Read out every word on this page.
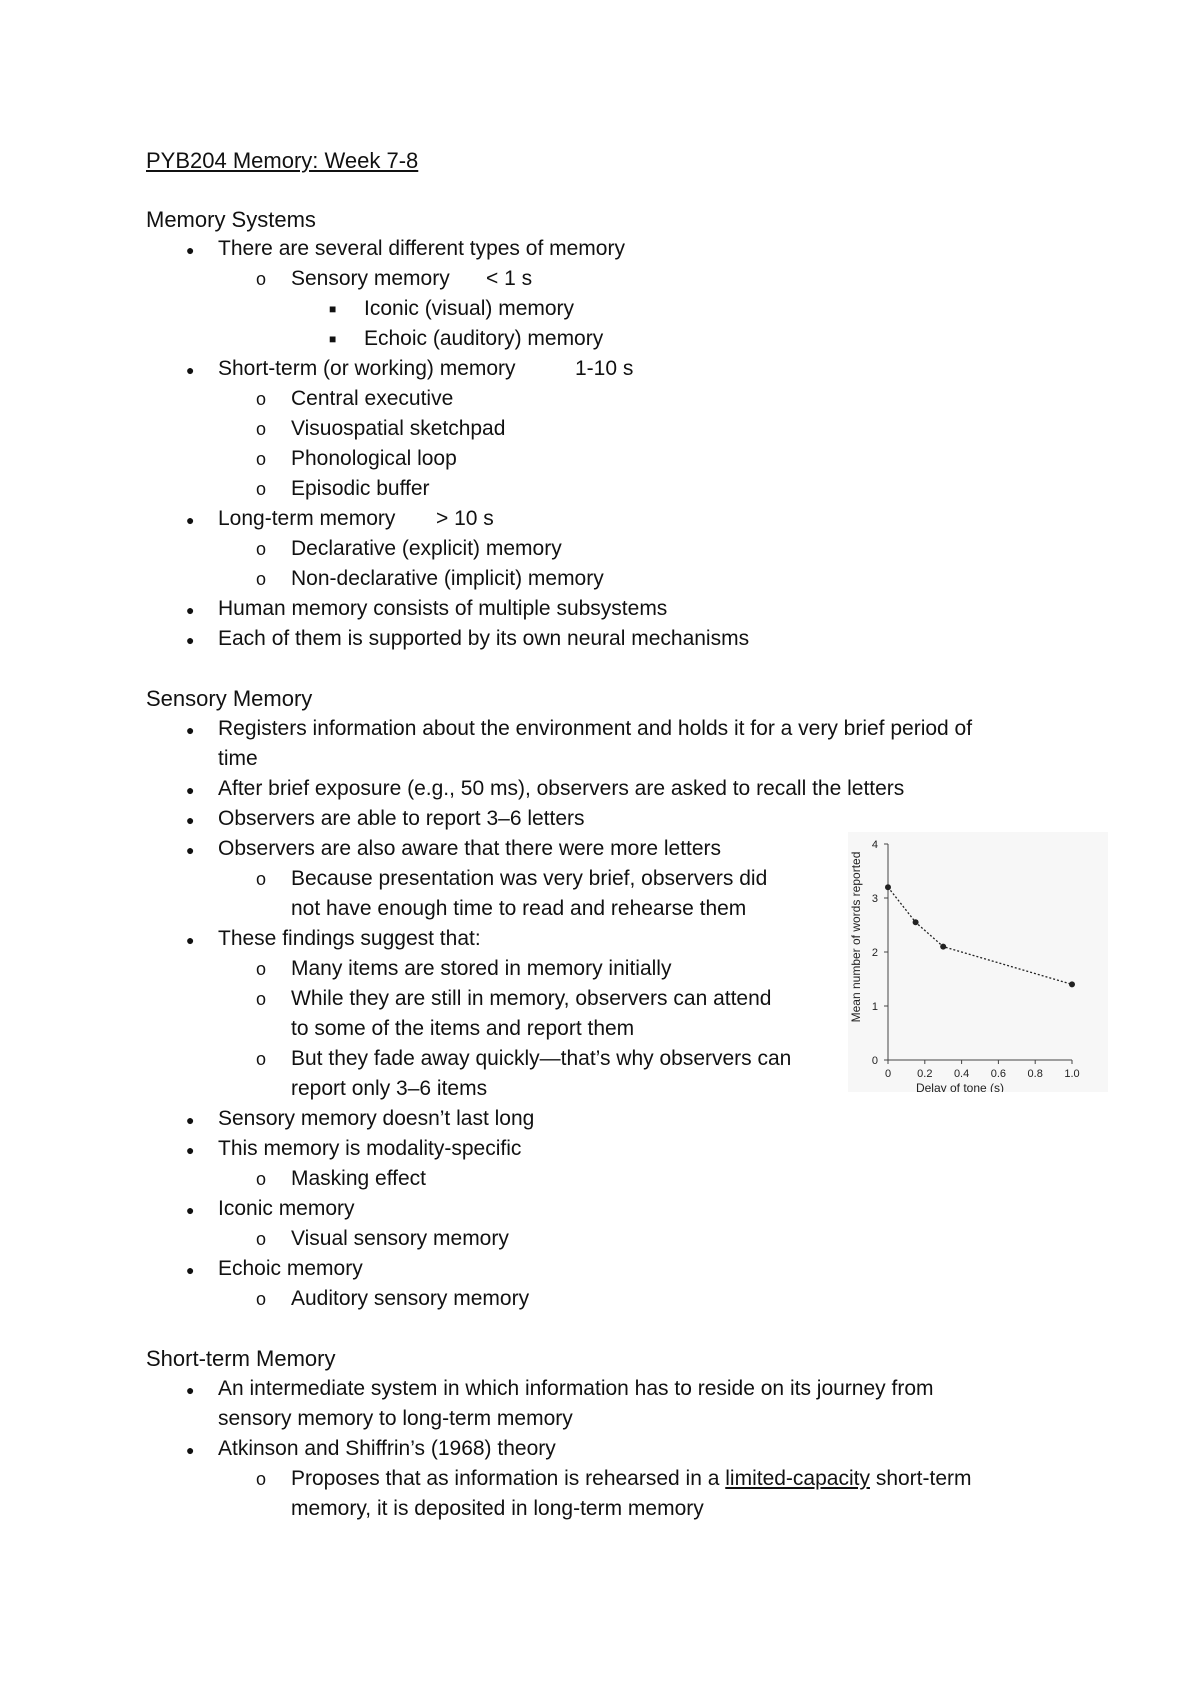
PYB204 Memory: Week 7-8
Memory Systems
● There are several different types of memory
o Sensory memory < 1 s
■ Iconic (visual) memory
■ Echoic (auditory) memory
● Short-term (or working) memory	1-10 s
o Central executive
o Visuospatial sketchpad
o Phonological loop
o Episodic buffer
● Long-term memory > 10 s
o Declarative (explicit) memory
o Non-declarative (implicit) memory
● Human memory consists of multiple subsystems
● Each of them is supported by its own neural mechanisms
Sensory Memory
● Registers information about the environment and holds it for a very brief period of
time
● After brief exposure (e.g., 50 ms), observers are asked to recall the letters
● Observers are able to report 3–6 letters
● Observers are also aware that there were more letters
o Because presentation was very brief, observers did
not have enough time to read and rehearse them
● These findings suggest that:
o Many items are stored in memory initially
o While they are still in memory, observers can attend
to some of the items and report them
o But they fade away quickly—that’s why observers can
report only 3–6 items
● Sensory memory doesn’t last long
● This memory is modality-specific
o Masking effect
● Iconic memory
o Visual sensory memory
● Echoic memory
o Auditory sensory memory
Short-term Memory
● An intermediate system in which information has to reside on its journey from
sensory memory to long-term memory
● Atkinson and Shiffrin’s (1968) theory
o Proposes that as information is rehearsed in a limited-capacity short-term
memory, it is deposited in long-term memory
Mean number of words reported
Delay of tone (s)
0
1
2
3
4
0 0.2 0.4 0.6 0.8 1.0
